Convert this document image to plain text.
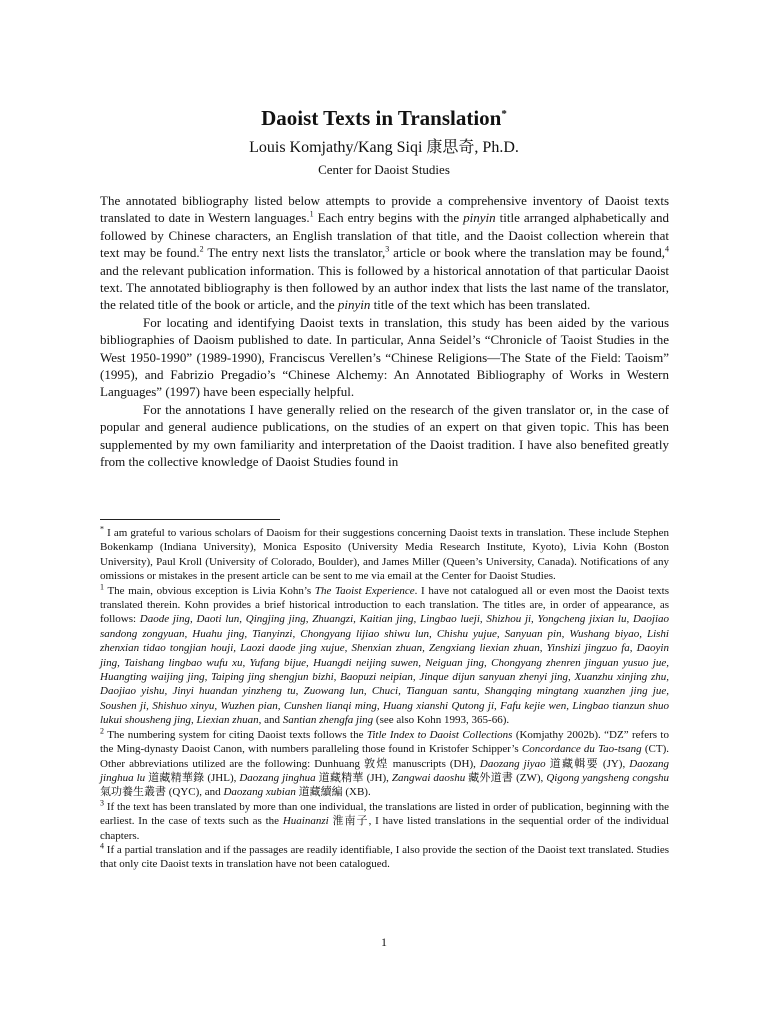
Daoist Texts in Translation*
Louis Komjathy/Kang Siqi 康思奇, Ph.D.
Center for Daoist Studies

The annotated bibliography listed below attempts to provide a comprehensive inventory of Daoist texts translated to date in Western languages.$^1$ Each entry begins with the pinyin title arranged alphabetically and followed by Chinese characters, an English translation of that title, and the Daoist collection wherein that text may be found.$^2$ The entry next lists the translator,$^3$ article or book where the translation may be found,$^4$ and the relevant publication information. This is followed by a historical annotation of that particular Daoist text. The annotated bibliography is then followed by an author index that lists the last name of the translator, the related title of the book or article, and the pinyin title of the text which has been translated.

For locating and identifying Daoist texts in translation, this study has been aided by the various bibliographies of Daoism published to date. In particular, Anna Seidel’s “Chronicle of Taoist Studies in the West 1950-1990” (1989-1990), Franciscus Verellen’s “Chinese Religions—The State of the Field: Taoism” (1995), and Fabrizio Pregadio’s “Chinese Alchemy: An Annotated Bibliography of Works in Western Languages” (1997) have been especially helpful.

For the annotations I have generally relied on the research of the given translator or, in the case of popular and general audience publications, on the studies of an expert on that given topic. This has been supplemented by my own familiarity and interpretation of the Daoist tradition. I have also benefited greatly from the collective knowledge of Daoist Studies found in

* I am grateful to various scholars of Daoism for their suggestions concerning Daoist texts in translation. These include Stephen Bokenkamp (Indiana University), Monica Esposito (University Media Research Institute, Kyoto), Livia Kohn (Boston University), Paul Kroll (University of Colorado, Boulder), and James Miller (Queen’s University, Canada). Notifications of any omissions or mistakes in the present article can be sent to me via email at the Center for Daoist Studies.

$^1$ The main, obvious exception is Livia Kohn’s The Taoist Experience. I have not catalogued all or even most the Daoist texts translated therein. Kohn provides a brief historical introduction to each translation. The titles are, in order of appearance, as follows: Daode jing, Daoti lun, Qingjing jing, Zhuangzi, Kaitian jing, Lingbao lueji, Shizhou ji, Yongcheng jixian lu, Daojiao sandong zongyuan, Huahu jing, Tianyinzi, Chongyang lijiao shiwu lun, Chishu yujue, Sanyuan pin, Wushang biyao, Lishi zhenxian tidao tongjian houji, Laozi daode jing xujue, Shenxian zhuan, Zengxiang liexian zhuan, Yinshizi jingzuo fa, Daoyin jing, Taishang lingbao wufu xu, Yufang bijue, Huangdi neijing suwen, Neiguan jing, Chongyang zhenren jinguan yusuo jue, Huangting waijing jing, Taiping jing shengjun bizhi, Baopuzi neipian, Jinque dijun sanyuan zhenyi jing, Xuanzhu xinjing zhu, Daojiao yishu, Jinyi huandan yinzheng tu, Zuowang lun, Chuci, Tianguan santu, Shangqing mingtang xuanzhen jing jue, Soushen ji, Shishuo xinyu, Wuzhen pian, Cunshen lianqi ming, Huang xianshi Qutong ji, Fafu kejie wen, Lingbao tianzun shuo lukui shousheng jing, Liexian zhuan, and Santian zhengfa jing (see also Kohn 1993, 365-66).

$^2$ The numbering system for citing Daoist texts follows the Title Index to Daoist Collections (Komjathy 2002b). “DZ” refers to the Ming-dynasty Daoist Canon, with numbers paralleling those found in Kristofer Schipper’s Concordance du Tao-tsang (CT). Other abbreviations utilized are the following: Dunhuang 敦煌 manuscripts (DH), Daozang jiyao 道藏輯要 (JY), Daozang jinghua lu 道藏精華錄 (JHL), Daozang jinghua 道藏精華 (JH), Zangwai daoshu 藏外道書 (ZW), Qigong yangsheng congshu 氣功養生叢書 (QYC), and Daozang xubian 道藏續編 (XB).

$^3$ If the text has been translated by more than one individual, the translations are listed in order of publication, beginning with the earliest. In the case of texts such as the Huainanzi 淮南子, I have listed translations in the sequential order of the individual chapters.

$^4$ If a partial translation and if the passages are readily identifiable, I also provide the section of the Daoist text translated. Studies that only cite Daoist texts in translation have not been catalogued.

1
